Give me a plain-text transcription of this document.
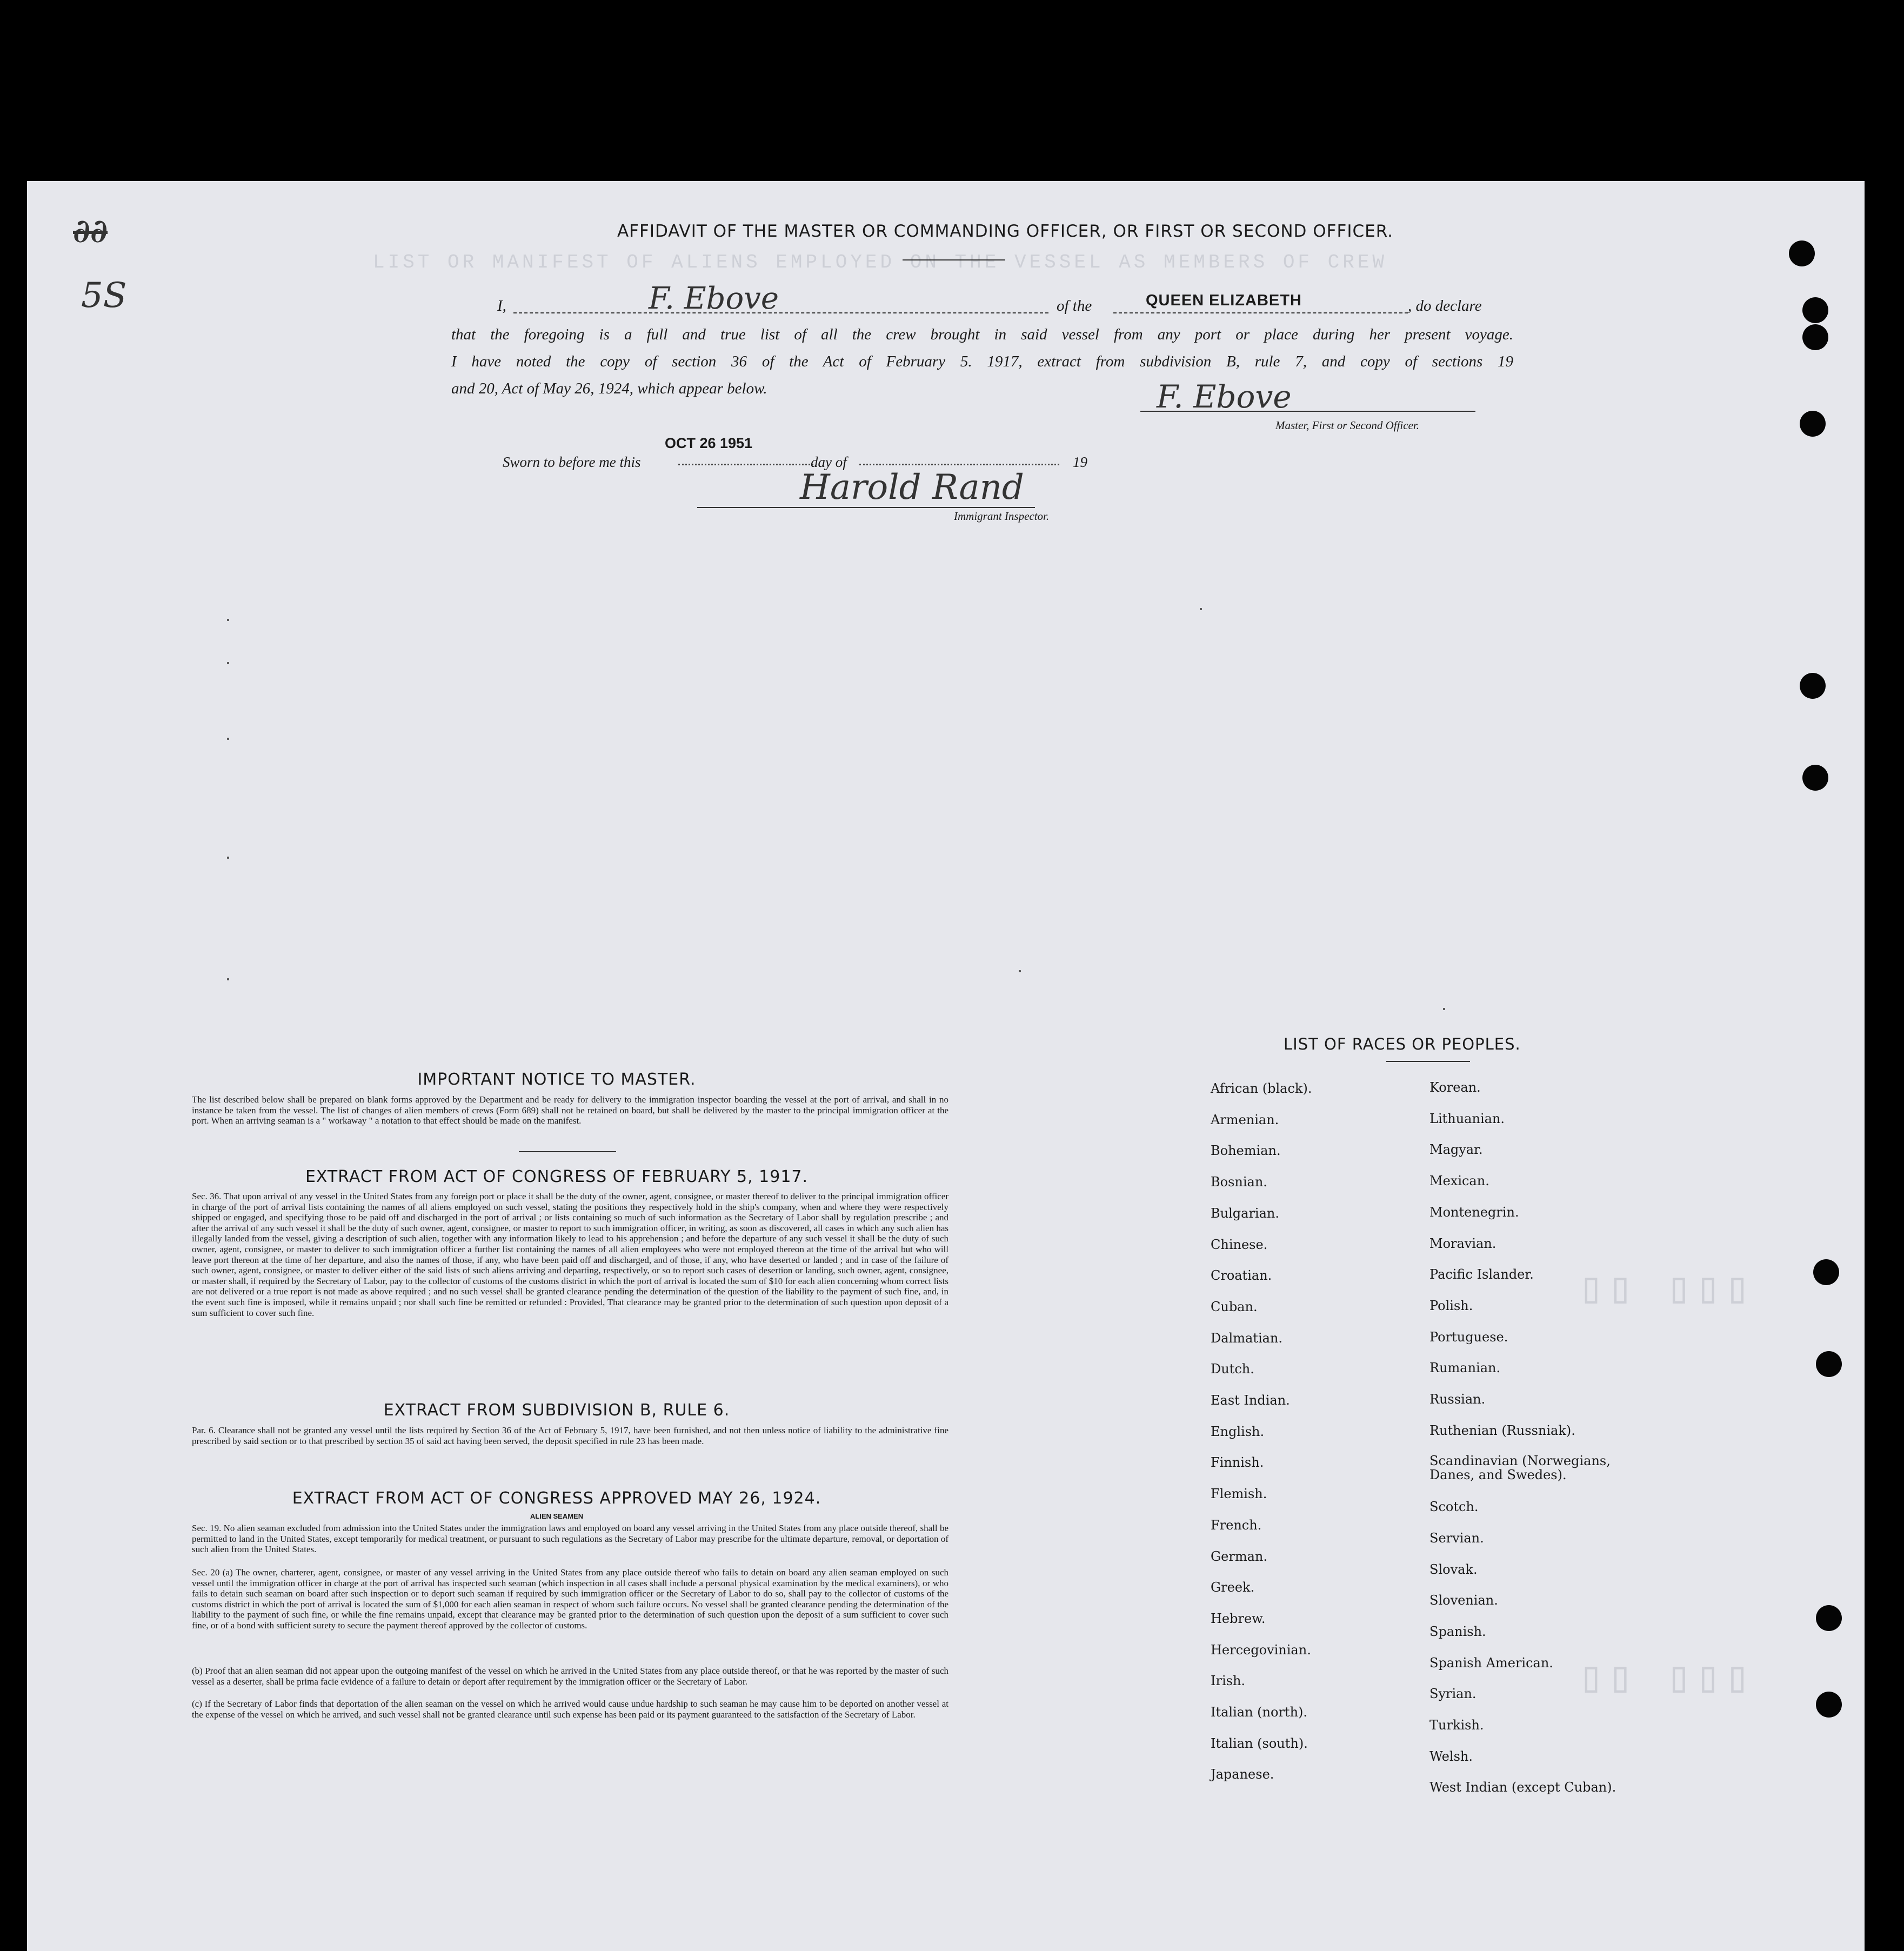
LIST OR MANIFEST OF ALIENS EMPLOYED ON THE VESSEL AS MEMBERS OF CREW
▯▯ ▯▯▯
▯▯ ▯▯▯
∂∂
5S
AFFIDAVIT OF THE MASTER OR COMMANDING OFFICER, OR FIRST OR SECOND OFFICER.
I,	F. Ebove	of the	QUEEN ELIZABETH	, do declare
that the foregoing is a full and true list of all the crew brought in said vessel from any port or place during her present voyage.
I have noted the copy of section 36 of the Act of February 5. 1917, extract from subdivision B, rule 7, and copy of sections 19
and 20, Act of May 26, 1924, which appear below.	F. Ebove
Master, First or Second Officer.
Sworn to before me this
OCT 26 1951
day of	19
Harold Rand
Immigrant Inspector.
IMPORTANT NOTICE TO MASTER.
The list described below shall be prepared on blank forms approved by the Department and be ready for delivery to the immigration inspector boarding the vessel at the port of arrival, and shall in no instance be taken from the vessel. The list of changes of alien members of crews (Form 689) shall not be retained on board, but shall be delivered by the master to the principal immigration officer at the port. When an arriving seaman is a " workaway " a notation to that effect should be made on the manifest.
EXTRACT FROM ACT OF CONGRESS OF FEBRUARY 5, 1917.
Sec. 36. That upon arrival of any vessel in the United States from any foreign port or place it shall be the duty of the owner, agent, consignee, or master thereof to deliver to the principal immigration officer in charge of the port of arrival lists containing the names of all aliens employed on such vessel, stating the positions they respectively hold in the ship's company, when and where they were respectively shipped or engaged, and specifying those to be paid off and discharged in the port of arrival ; or lists containing so much of such information as the Secretary of Labor shall by regulation prescribe ; and after the arrival of any such vessel it shall be the duty of such owner, agent, consignee, or master to report to such immigration officer, in writing, as soon as discovered, all cases in which any such alien has illegally landed from the vessel, giving a description of such alien, together with any information likely to lead to his apprehension ; and before the departure of any such vessel it shall be the duty of such owner, agent, consignee, or master to deliver to such immigration officer a further list containing the names of all alien employees who were not employed thereon at the time of the arrival but who will leave port thereon at the time of her departure, and also the names of those, if any, who have been paid off and discharged, and of those, if any, who have deserted or landed ; and in case of the failure of such owner, agent, consignee, or master to deliver either of the said lists of such aliens arriving and departing, respectively, or so to report such cases of desertion or landing, such owner, agent, consignee, or master shall, if required by the Secretary of Labor, pay to the collector of customs of the customs district in which the port of arrival is located the sum of $10 for each alien concerning whom correct lists are not delivered or a true report is not made as above required ; and no such vessel shall be granted clearance pending the determination of the question of the liability to the payment of such fine, and, in the event such fine is imposed, while it remains unpaid ; nor shall such fine be remitted or refunded : Provided, That clearance may be granted prior to the determination of such question upon deposit of a sum sufficient to cover such fine.
EXTRACT FROM SUBDIVISION B, RULE 6.
Par. 6. Clearance shall not be granted any vessel until the lists required by Section 36 of the Act of February 5, 1917, have been furnished, and not then unless notice of liability to the administrative fine prescribed by said section or to that prescribed by section 35 of said act having been served, the deposit specified in rule 23 has been made.
EXTRACT FROM ACT OF CONGRESS APPROVED MAY 26, 1924.
ALIEN SEAMEN
Sec. 19. No alien seaman excluded from admission into the United States under the immigration laws and employed on board any vessel arriving in the United States from any place outside thereof, shall be permitted to land in the United States, except temporarily for medical treatment, or pursuant to such regulations as the Secretary of Labor may prescribe for the ultimate departure, removal, or deportation of such alien from the United States.
Sec. 20 (a) The owner, charterer, agent, consignee, or master of any vessel arriving in the United States from any place outside thereof who fails to detain on board any alien seaman employed on such vessel until the immigration officer in charge at the port of arrival has inspected such seaman (which inspection in all cases shall include a personal physical examination by the medical examiners), or who fails to detain such seaman on board after such inspection or to deport such seaman if required by such immigration officer or the Secretary of Labor to do so, shall pay to the collector of customs of the customs district in which the port of arrival is located the sum of $1,000 for each alien seaman in respect of whom such failure occurs. No vessel shall be granted clearance pending the determination of the liability to the payment of such fine, or while the fine remains unpaid, except that clearance may be granted prior to the determination of such question upon the deposit of a sum sufficient to cover such fine, or of a bond with sufficient surety to secure the payment thereof approved by the collector of customs.
(b) Proof that an alien seaman did not appear upon the outgoing manifest of the vessel on which he arrived in the United States from any place outside thereof, or that he was reported by the master of such vessel as a deserter, shall be prima facie evidence of a failure to detain or deport after requirement by the immigration officer or the Secretary of Labor.
(c) If the Secretary of Labor finds that deportation of the alien seaman on the vessel on which he arrived would cause undue hardship to such seaman he may cause him to be deported on another vessel at the expense of the vessel on which he arrived, and such vessel shall not be granted clearance until such expense has been paid or its payment guaranteed to the satisfaction of the Secretary of Labor.
LIST OF RACES OR PEOPLES.
African (black).
Armenian.
Bohemian.
Bosnian.
Bulgarian.
Chinese.
Croatian.
Cuban.
Dalmatian.
Dutch.
East Indian.
English.
Finnish.
Flemish.
French.
German.
Greek.
Hebrew.
Hercegovinian.
Irish.
Italian (north).
Italian (south).
Japanese.
Korean.
Lithuanian.
Magyar.
Mexican.
Montenegrin.
Moravian.
Pacific Islander.
Polish.
Portuguese.
Rumanian.
Russian.
Ruthenian (Russniak).
Scandinavian (Norwegians, Danes, and Swedes).
Scotch.
Servian.
Slovak.
Slovenian.
Spanish.
Spanish American.
Syrian.
Turkish.
Welsh.
West Indian (except Cuban).
